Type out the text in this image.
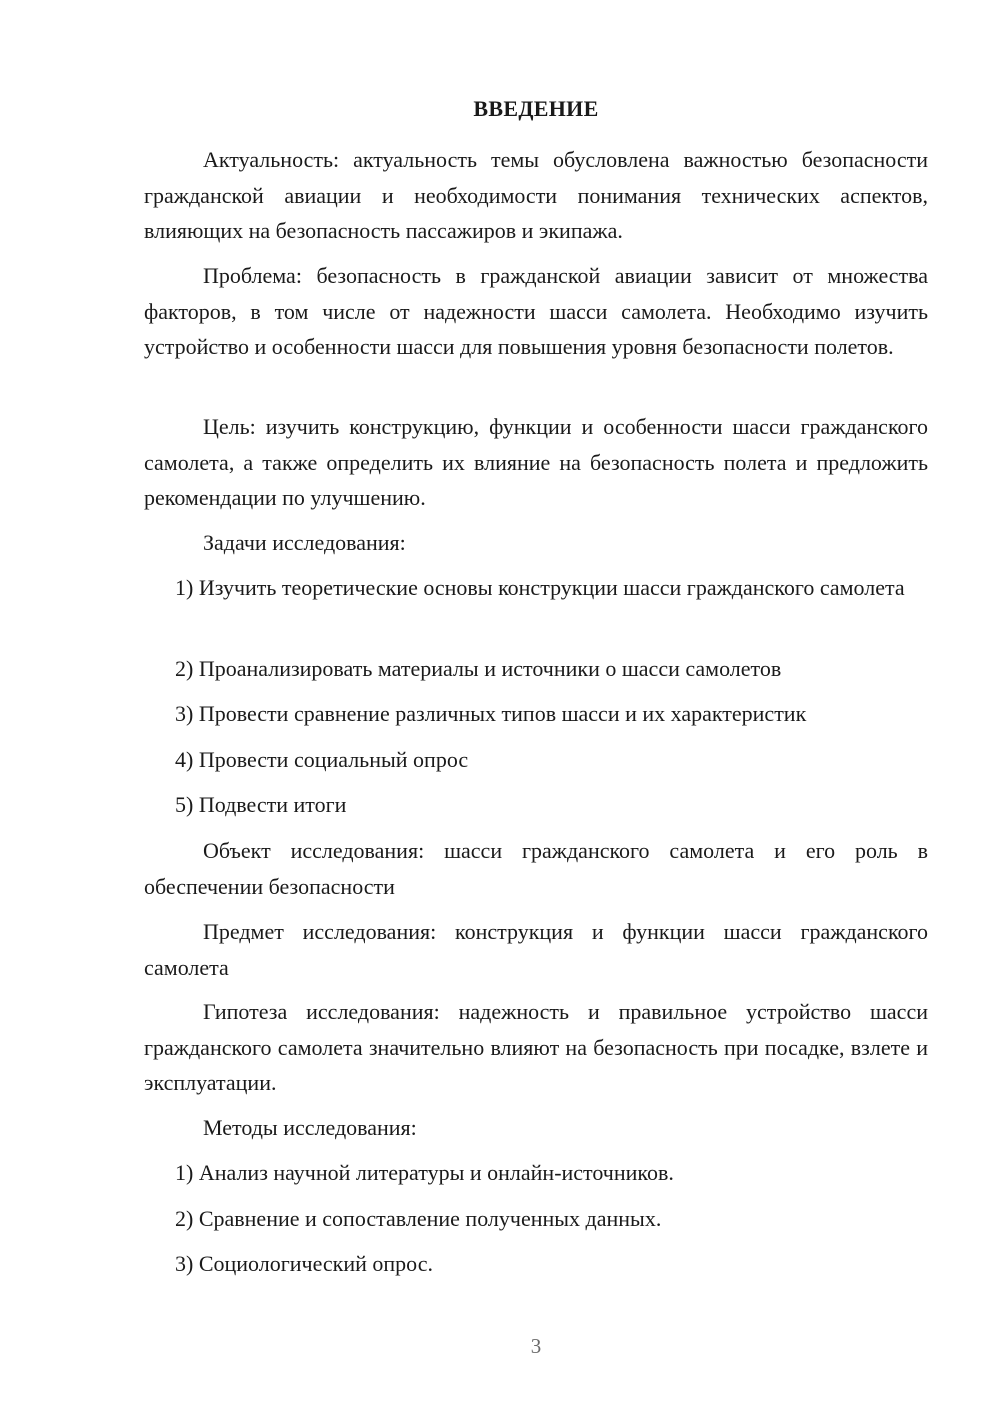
ВВЕДЕНИЕ

Актуальность: актуальность темы обусловлена важностью безопасности гражданской авиации и необходимости понимания технических аспектов, влияющих на безопасность пассажиров и экипажа.

Проблема: безопасность в гражданской авиации зависит от множества факторов, в том числе от надежности шасси самолета. Необходимо изучить устройство и особенности шасси для повышения уровня безопасности полетов.

Цель: изучить конструкцию, функции и особенности шасси гражданского самолета, а также определить их влияние на безопасность полета и предложить рекомендации по улучшению.

Задачи исследования:

1) Изучить теоретические основы конструкции шасси гражданского самолета

2) Проанализировать материалы и источники о шасси самолетов

3) Провести сравнение различных типов шасси и их характеристик

4) Провести социальный опрос

5) Подвести итоги

Объект исследования: шасси гражданского самолета и его роль в обеспечении безопасности

Предмет исследования: конструкция и функции шасси гражданского самолета

Гипотеза исследования: надежность и правильное устройство шасси гражданского самолета значительно влияют на безопасность при посадке, взлете и эксплуатации.

Методы исследования:

1) Анализ научной литературы и онлайн-источников.

2) Сравнение и сопоставление полученных данных.

3) Социологический опрос.

3
